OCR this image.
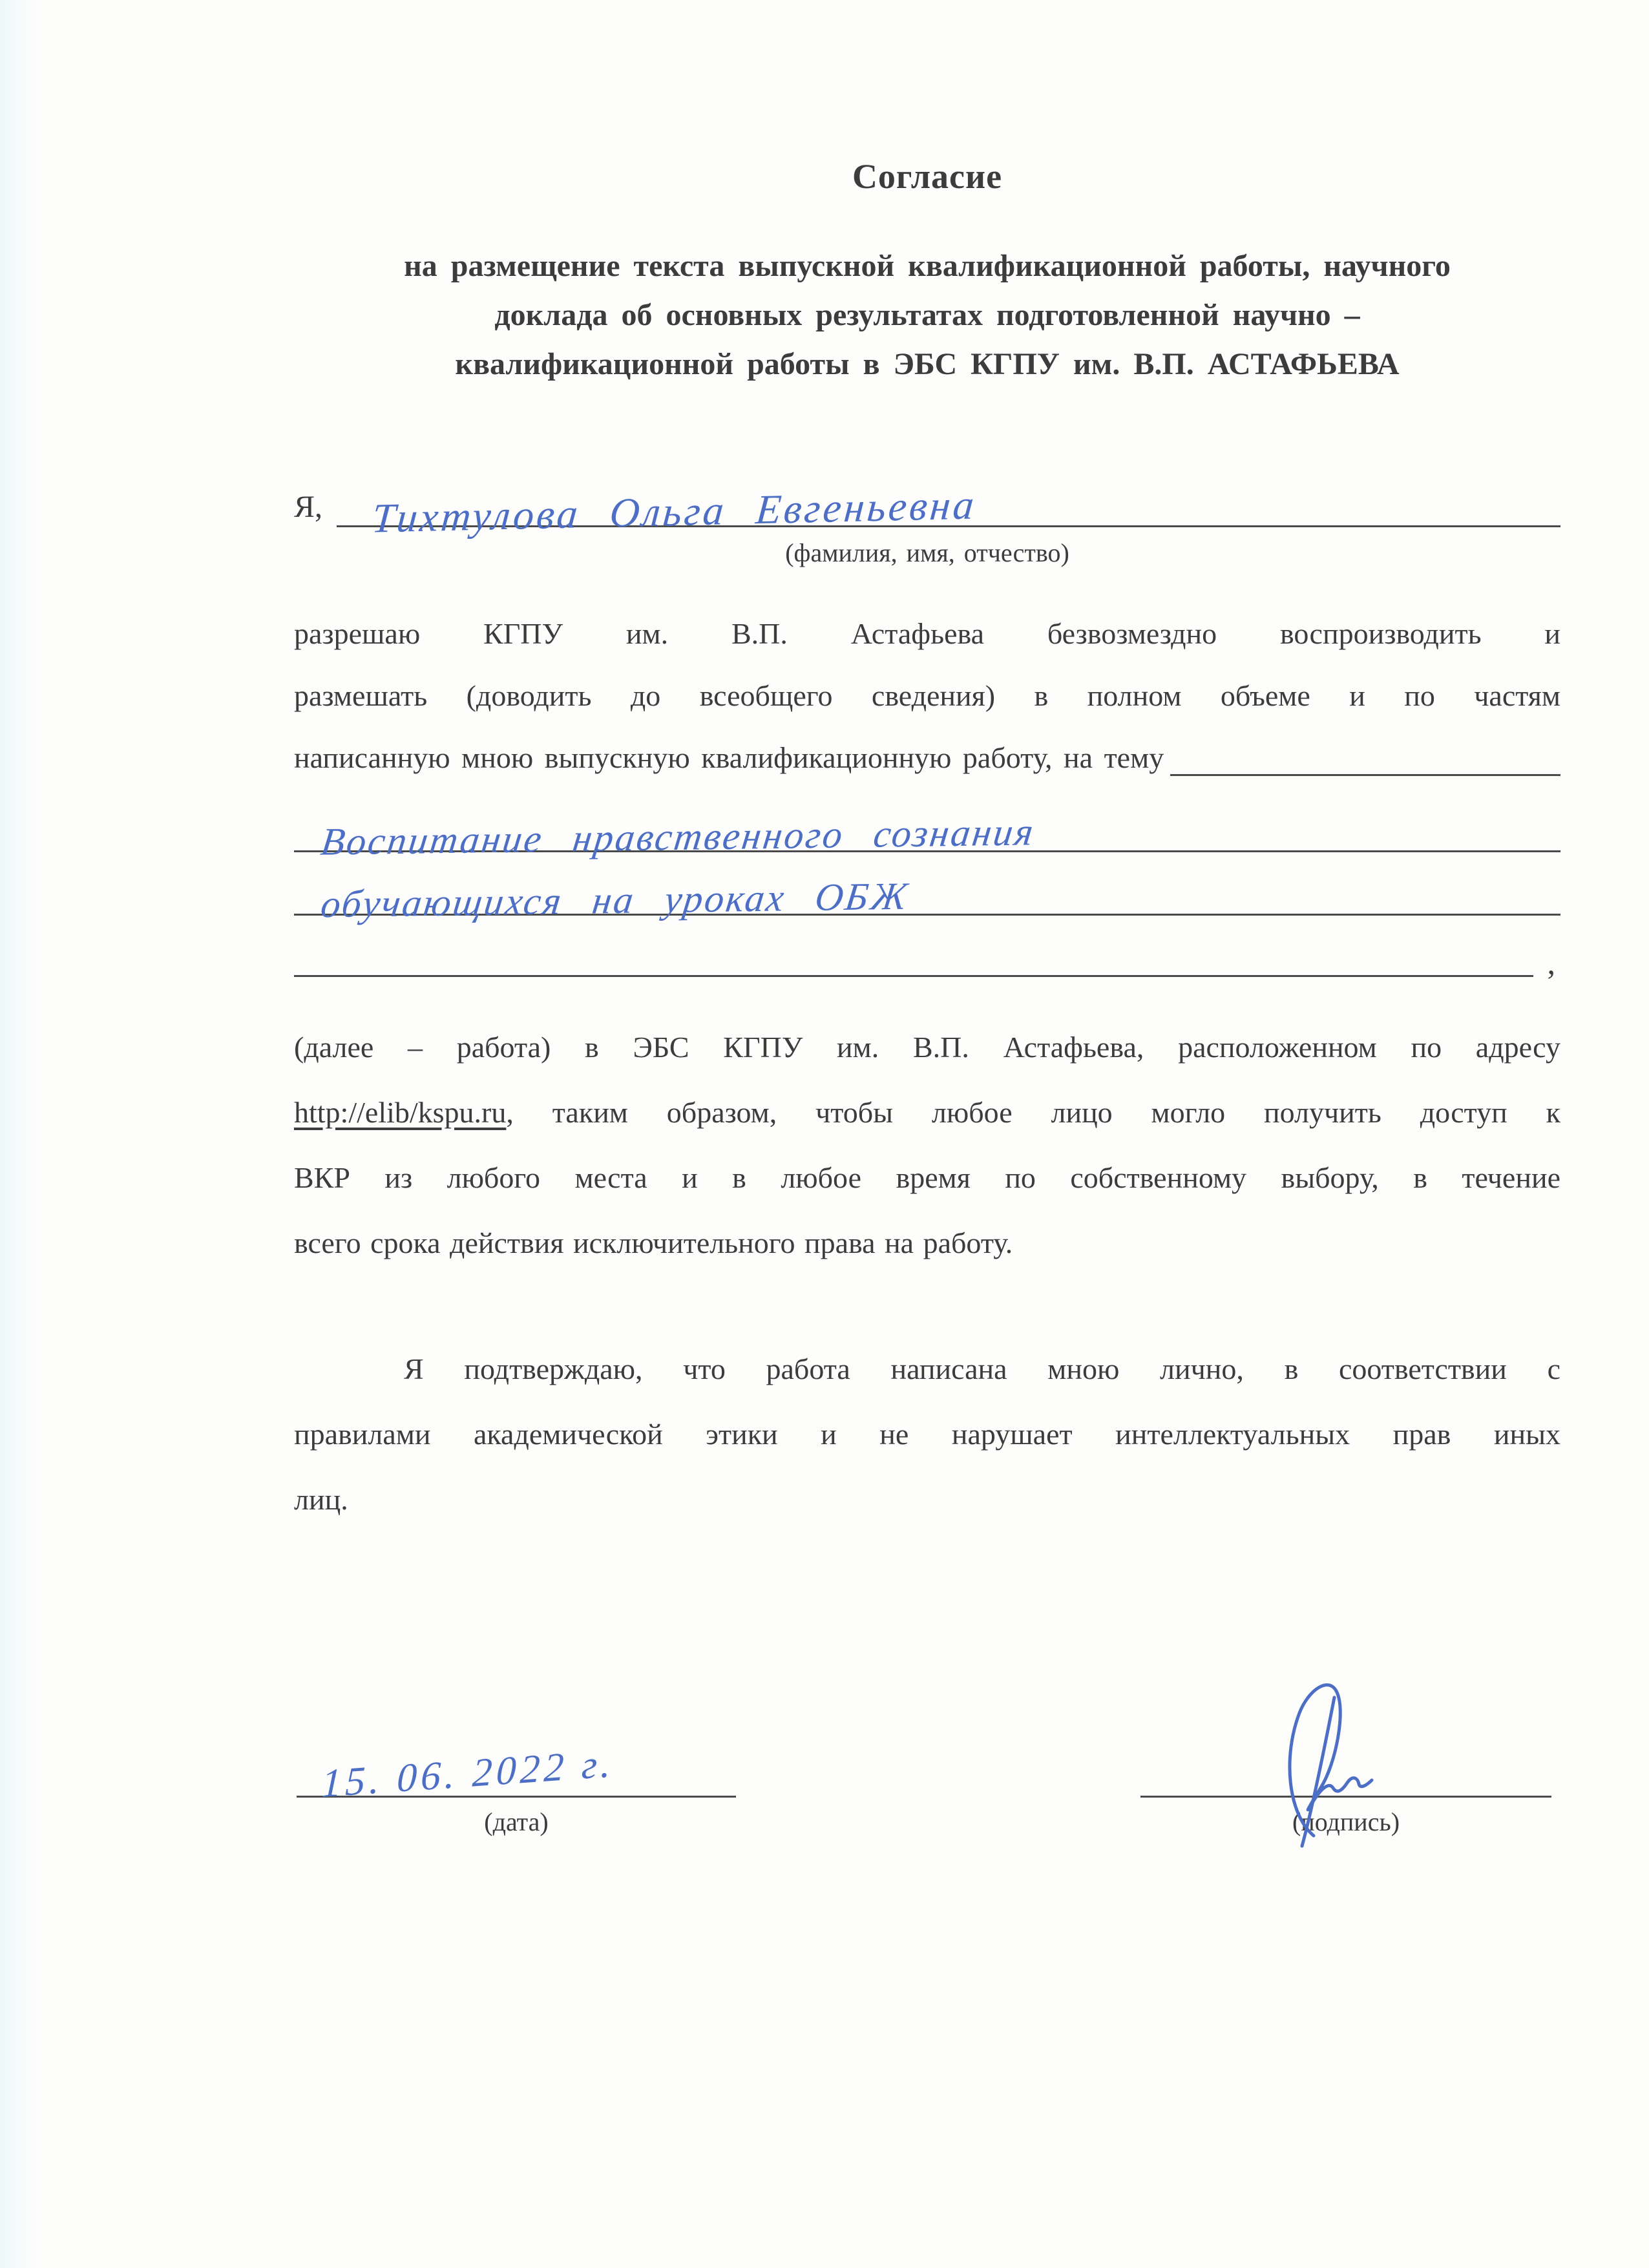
Согласие
на размещение текста выпускной квалификационной работы, научного
доклада об основных результатах подготовленной научно –
квалификационной работы в ЭБС КГПУ им. В.П. АСТАФЬЕВА
Я, Тихтулова Ольга Евгеньевна
(фамилия, имя, отчество)
разрешаю КГПУ им. В.П. Астафьева безвозмездно воспроизводить и
размешать (доводить до всеобщего сведения) в полном объеме и по частям
написанную мною выпускную квалификационную работу, на тему
Воспитание нравственного сознания
обучающихся на уроках ОБЖ
,
(далее – работа) в ЭБС КГПУ им. В.П. Астафьева, расположенном по адресу
http://elib/kspu.ru, таким образом, чтобы любое лицо могло получить доступ к
ВКР из любого места и в любое время по собственному выбору, в течение
всего срока действия исключительного права на работу.
Я подтверждаю, что работа написана мною лично, в соответствии с
правилами академической этики и не нарушает интеллектуальных прав иных
лиц.
15. 06. 2022 г.
(дата)	(подпись)
